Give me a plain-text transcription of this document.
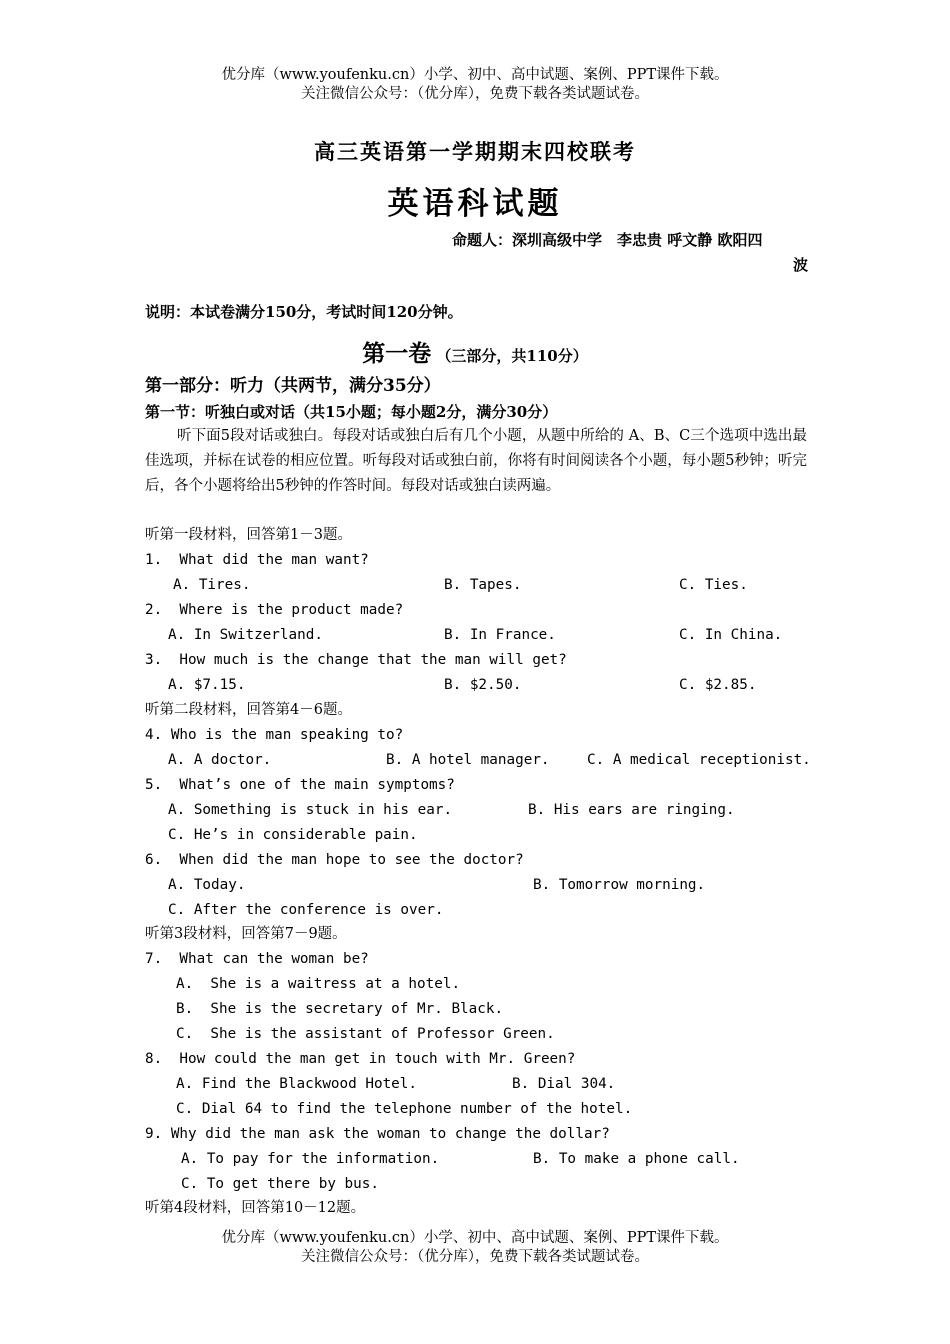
优分库（www.youfenku.cn）小学、初中、高中试题、案例、PPT课件下载。
关注微信公众号：（优分库），免费下载各类试题试卷。
高三英语第一学期期末四校联考
英语科试题
命题人：深圳高级中学　李忠贵 呼文静 欧阳四
波
说明：本试卷满分150分，考试时间120分钟。
第一卷 （三部分，共110分）
第一部分：听力（共两节，满分35分）
第一节：听独白或对话（共15小题；每小题2分，满分30分）
听下面5段对话或独白。每段对话或独白后有几个小题，从题中所给的 A、B、C三个选项中选出最佳选项，并标在试卷的相应位置。听每段对话或独白前，你将有时间阅读各个小题，每小题5秒钟；听完后，各个小题将给出5秒钟的作答时间。每段对话或独白读两遍。
听第一段材料，回答第1－3题。
1.  What did the man want?
A. Tires.	B. Tapes.	C. Ties.
2.  Where is the product made?
A. In Switzerland.	B. In France.	C. In China.
3.  How much is the change that the man will get?
A. $7.15.	B. $2.50.	C. $2.85.
听第二段材料，回答第4－6题。
4. Who is the man speaking to?
A. A doctor.	B. A hotel manager.	C. A medical receptionist.
5.  What’s one of the main symptoms?
A. Something is stuck in his ear.	B. His ears are ringing.
C. He’s in considerable pain.
6.  When did the man hope to see the doctor?
A. Today.	B. Tomorrow morning.
C. After the conference is over.
听第3段材料，回答第7－9题。
7.  What can the woman be?
A.  She is a waitress at a hotel.
B.  She is the secretary of Mr. Black.
C.  She is the assistant of Professor Green.
8.  How could the man get in touch with Mr. Green?
A. Find the Blackwood Hotel.	B. Dial 304.
C. Dial 64 to find the telephone number of the hotel.
9. Why did the man ask the woman to change the dollar?
A. To pay for the information.	B. To make a phone call.
C. To get there by bus.
听第4段材料，回答第10－12题。
优分库（www.youfenku.cn）小学、初中、高中试题、案例、PPT课件下载。
关注微信公众号：（优分库），免费下载各类试题试卷。
